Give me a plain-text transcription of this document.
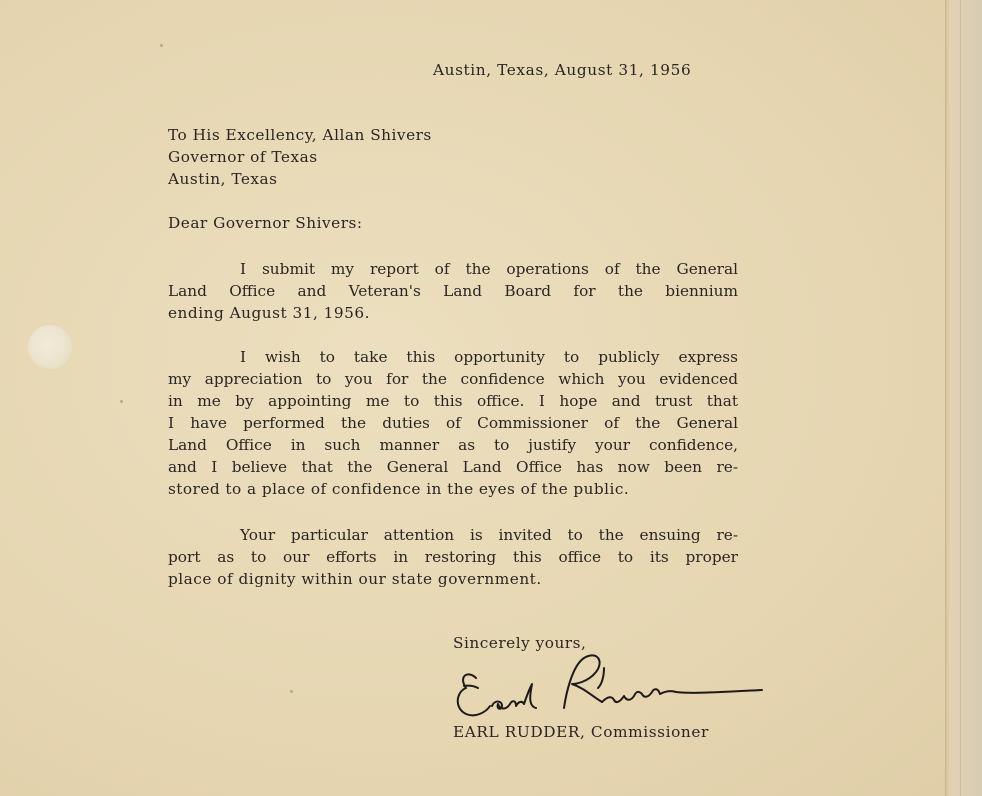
Austin, Texas, August 31, 1956
To His Excellency, Allan Shivers
Governor of Texas
Austin, Texas
Dear Governor Shivers:
I submit my report of the operations of the General
Land Office and Veteran's Land Board for the biennium
ending August 31, 1956.
I wish to take this opportunity to publicly express
my appreciation to you for the confidence which you evidenced
in me by appointing me to this office. I hope and trust that
I have performed the duties of Commissioner of the General
Land Office in such manner as to justify your confidence,
and I believe that the General Land Office has now been re-
stored to a place of confidence in the eyes of the public.
Your particular attention is invited to the ensuing re-
port as to our efforts in restoring this office to its proper
place of dignity within our state government.
Sincerely yours,
EARL RUDDER, Commissioner
